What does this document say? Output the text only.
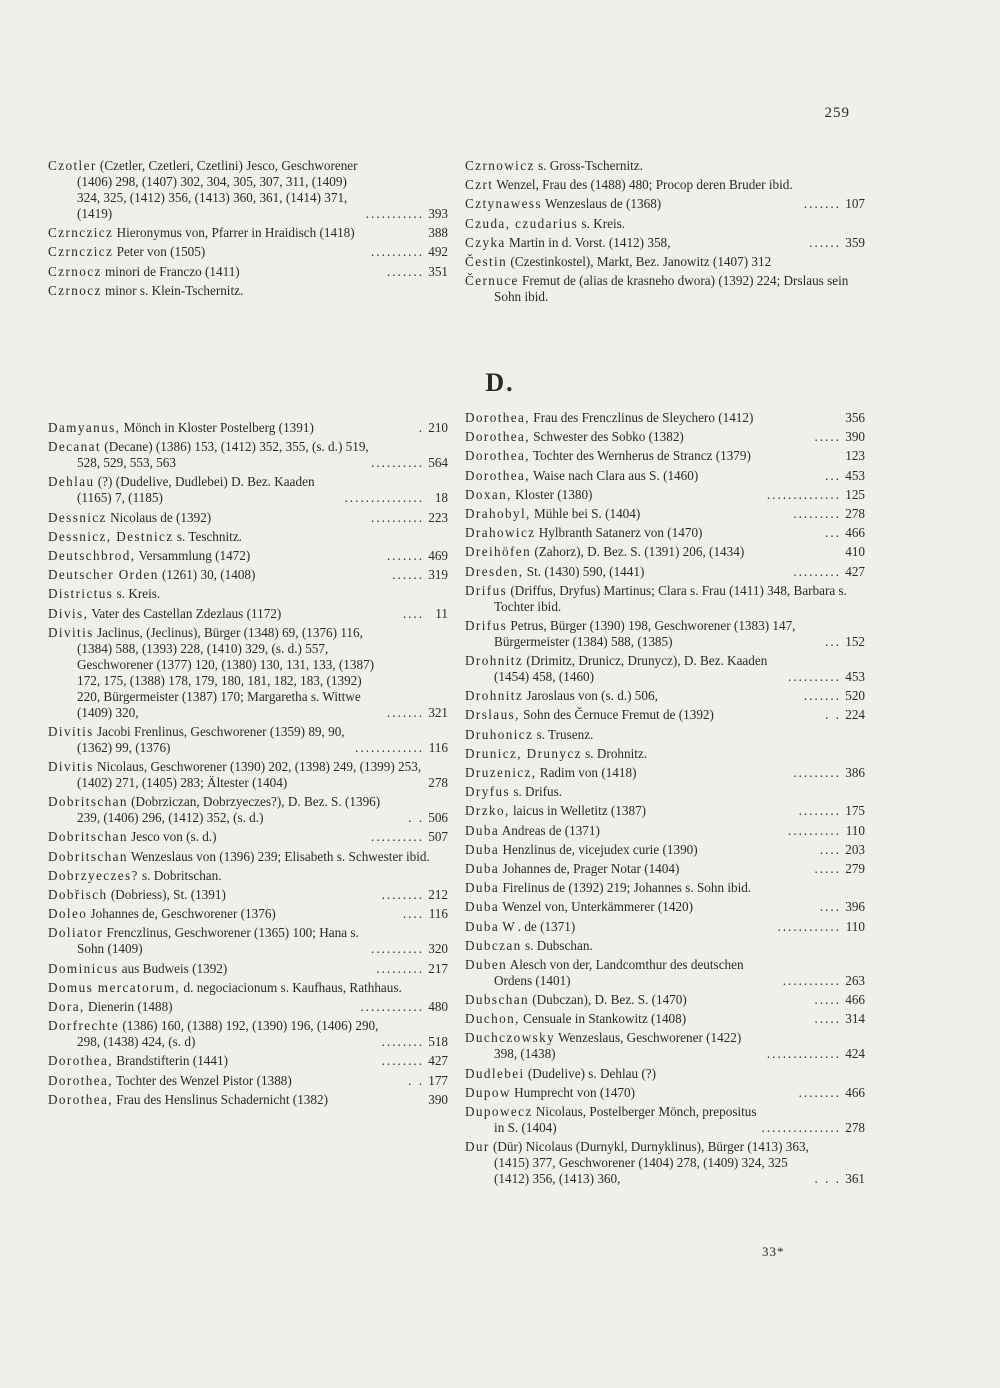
259
Czotler (Czetler, Czetleri, Czetlini) Jesco, Geschworener (1406) 298, (1407) 302, 304, 305, 307, 311, (1409) 324, 325, (1412) 356, (1413) 360, 361, (1414) 371, (1419)	........... 393
Czrnczicz Hieronymus von, Pfarrer in Hraidisch (1418)	388
Czrnczicz Peter von (1505)	.......... 492
Czrnocz minori de Franczo (1411)	....... 351
Czrnocz minor s. Klein-Tschernitz.
Czrnowicz s. Gross-Tschernitz.
Czrt Wenzel, Frau des (1488) 480; Procop deren Bruder ibid.
Cztynawess Wenzeslaus de (1368)	....... 107
Czuda, czudarius s. Kreis.
Czyka Martin in d. Vorst. (1412) 358,	...... 359
Čestin (Czestinkostel), Markt, Bez. Janowitz (1407) 312
Černuce Fremut de (alias de krasneho dwora) (1392) 224; Drslaus sein Sohn ibid.
D.
Damyanus, Mönch in Kloster Postelberg (1391)	. 210
Decanat (Decane) (1386) 153, (1412) 352, 355, (s. d.) 519, 528, 529, 553, 563	.......... 564
Dehlau (?) (Dudelive, Dudlebei) D. Bez. Kaaden (1165) 7, (1185)	............... 18
Dessnicz Nicolaus de (1392)	.......... 223
Dessnicz, Destnicz s. Teschnitz.
Deutschbrod, Versammlung (1472)	....... 469
Deutscher Orden (1261) 30, (1408)	...... 319
Districtus s. Kreis.
Divis, Vater des Castellan Zdezlaus (1172)	.... 11
Divitis Jaclinus, (Jeclinus), Bürger (1348) 69, (1376) 116, (1384) 588, (1393) 228, (1410) 329, (s. d.) 557, Geschworener (1377) 120, (1380) 130, 131, 133, (1387) 172, 175, (1388) 178, 179, 180, 181, 182, 183, (1392) 220, Bürgermeister (1387) 170; Margaretha s. Wittwe (1409) 320,	....... 321
Divitis Jacobi Frenlinus, Geschworener (1359) 89, 90, (1362) 99, (1376)	............. 116
Divitis Nicolaus, Geschworener (1390) 202, (1398) 249, (1399) 253, (1402) 271, (1405) 283; Ältester (1404)	278
Dobritschan (Dobrziczan, Dobrzyeczes?), D. Bez. S. (1396) 239, (1406) 296, (1412) 352, (s. d.)	. . 506
Dobritschan Jesco von (s. d.)	.......... 507
Dobritschan Wenzeslaus von (1396) 239; Elisabeth s. Schwester ibid.
Dobrzyeczes? s. Dobritschan.
Dobřisch (Dobriess), St. (1391)	........ 212
Doleo Johannes de, Geschworener (1376)	.... 116
Doliator Frenczlinus, Geschworener (1365) 100; Hana s. Sohn (1409)	.......... 320
Dominicus aus Budweis (1392)	......... 217
Domus mercatorum, d. negociacionum s. Kaufhaus, Rathhaus.
Dora, Dienerin (1488)	............ 480
Dorfrechte (1386) 160, (1388) 192, (1390) 196, (1406) 290, 298, (1438) 424, (s. d)	........ 518
Dorothea, Brandstifterin (1441)	........ 427
Dorothea, Tochter des Wenzel Pistor (1388)	. . 177
Dorothea, Frau des Henslinus Schadernicht (1382)	390
Dorothea, Frau des Frenczlinus de Sleychero (1412)	356
Dorothea, Schwester des Sobko (1382)	..... 390
Dorothea, Tochter des Wernherus de Strancz (1379)	123
Dorothea, Waise nach Clara aus S. (1460)	... 453
Doxan, Kloster (1380)	.............. 125
Drahobyl, Mühle bei S. (1404)	......... 278
Drahowicz Hylbranth Satanerz von (1470)	... 466
Dreihöfen (Zahorz), D. Bez. S. (1391) 206, (1434)	410
Dresden, St. (1430) 590, (1441)	......... 427
Drifus (Driffus, Dryfus) Martinus; Clara s. Frau (1411) 348, Barbara s. Tochter ibid.
Drifus Petrus, Bürger (1390) 198, Geschworener (1383) 147, Bürgermeister (1384) 588, (1385)	... 152
Drohnitz (Drimitz, Drunicz, Drunycz), D. Bez. Kaaden (1454) 458, (1460)	.......... 453
Drohnitz Jaroslaus von (s. d.) 506,	....... 520
Drslaus, Sohn des Černuce Fremut de (1392)	. . 224
Druhonicz s. Trusenz.
Drunicz, Drunycz s. Drohnitz.
Druzenicz, Radim von (1418)	......... 386
Dryfus s. Drifus.
Drzko, laicus in Welletitz (1387)	........ 175
Duba Andreas de (1371)	.......... 110
Duba Henzlinus de, vicejudex curie (1390)	.... 203
Duba Johannes de, Prager Notar (1404)	..... 279
Duba Firelinus de (1392) 219; Johannes s. Sohn ibid.
Duba Wenzel von, Unterkämmerer (1420)	.... 396
Duba W . de (1371)	............ 110
Dubczan s. Dubschan.
Duben Alesch von der, Landcomthur des deutschen Ordens (1401)	........... 263
Dubschan (Dubczan), D. Bez. S. (1470)	..... 466
Duchon, Censuale in Stankowitz (1408)	..... 314
Duchczowsky Wenzeslaus, Geschworener (1422) 398, (1438)	.............. 424
Dudlebei (Dudelive) s. Dehlau (?)
Dupow Humprecht von (1470)	........ 466
Dupowecz Nicolaus, Postelberger Mönch, prepositus in S. (1404)	............... 278
Dur (Dür) Nicolaus (Durnykl, Durnyklinus), Bürger (1413) 363, (1415) 377, Geschworener (1404) 278, (1409) 324, 325 (1412) 356, (1413) 360,	. . . 361
33*
